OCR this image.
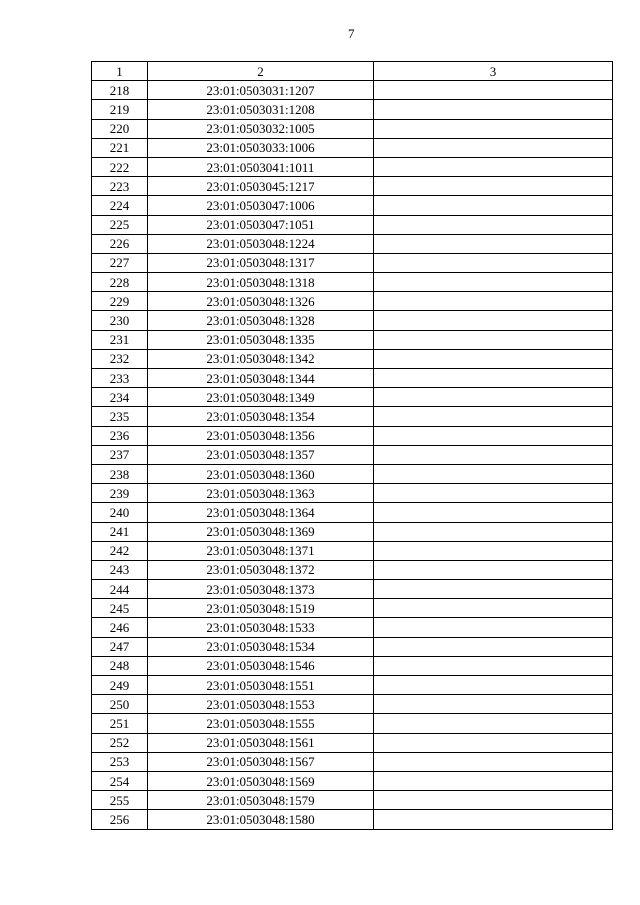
7
1	2	3
218	23:01:0503031:1207	
219	23:01:0503031:1208	
220	23:01:0503032:1005	
221	23:01:0503033:1006	
222	23:01:0503041:1011	
223	23:01:0503045:1217	
224	23:01:0503047:1006	
225	23:01:0503047:1051	
226	23:01:0503048:1224	
227	23:01:0503048:1317	
228	23:01:0503048:1318	
229	23:01:0503048:1326	
230	23:01:0503048:1328	
231	23:01:0503048:1335	
232	23:01:0503048:1342	
233	23:01:0503048:1344	
234	23:01:0503048:1349	
235	23:01:0503048:1354	
236	23:01:0503048:1356	
237	23:01:0503048:1357	
238	23:01:0503048:1360	
239	23:01:0503048:1363	
240	23:01:0503048:1364	
241	23:01:0503048:1369	
242	23:01:0503048:1371	
243	23:01:0503048:1372	
244	23:01:0503048:1373	
245	23:01:0503048:1519	
246	23:01:0503048:1533	
247	23:01:0503048:1534	
248	23:01:0503048:1546	
249	23:01:0503048:1551	
250	23:01:0503048:1553	
251	23:01:0503048:1555	
252	23:01:0503048:1561	
253	23:01:0503048:1567	
254	23:01:0503048:1569	
255	23:01:0503048:1579	
256	23:01:0503048:1580	
